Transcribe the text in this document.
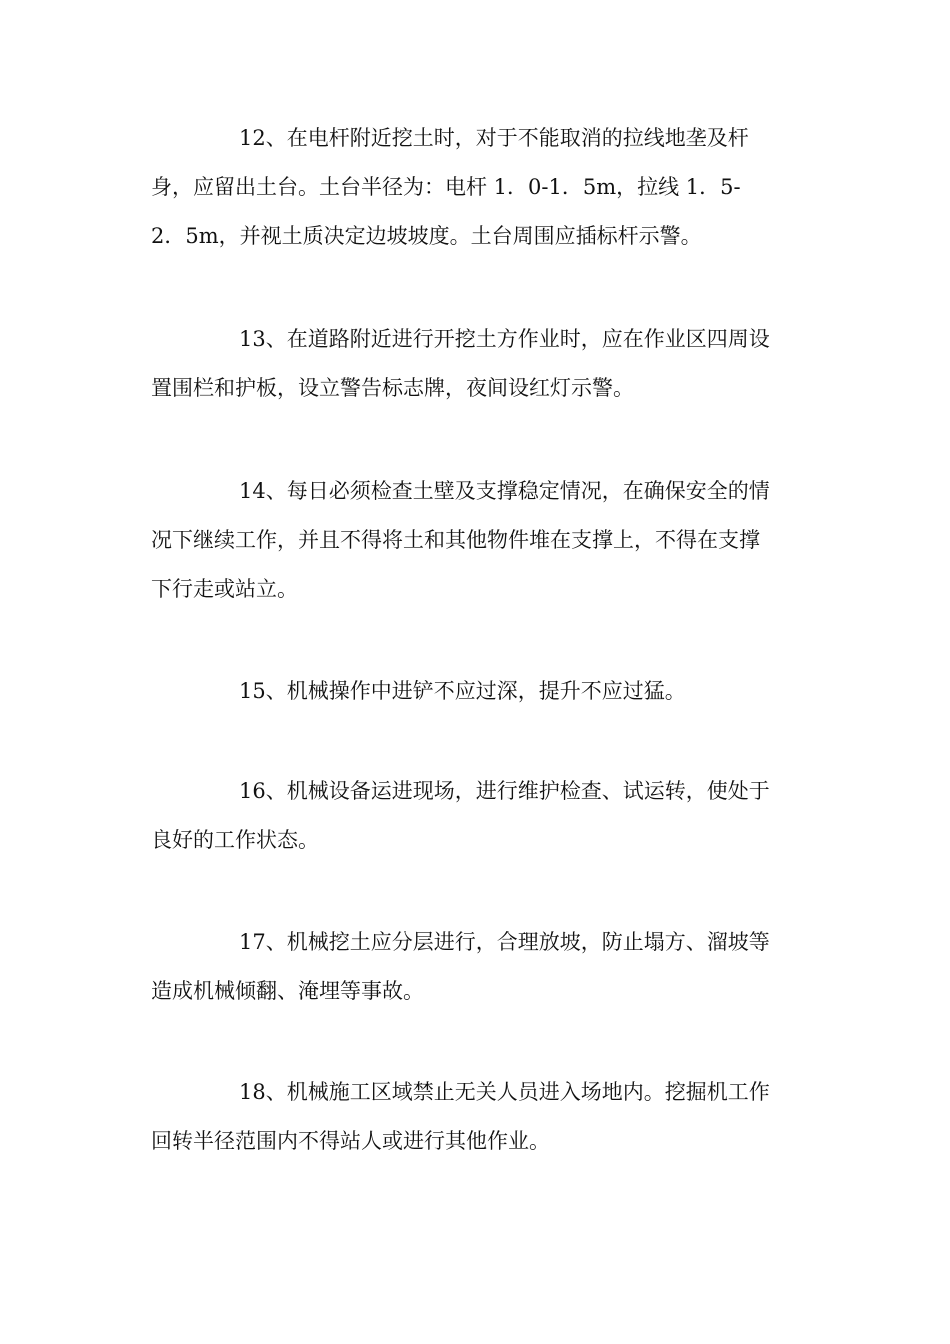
12、在电杆附近挖土时，对于不能取消的拉线地垄及杆
身，应留出土台。土台半径为：电杆 1．0-1．5m，拉线 1．5-
2．5m，并视土质决定边坡坡度。土台周围应插标杆示警。
13、在道路附近进行开挖土方作业时，应在作业区四周设
置围栏和护板，设立警告标志牌，夜间设红灯示警。
14、每日必须检查土壁及支撑稳定情况，在确保安全的情
况下继续工作，并且不得将土和其他物件堆在支撑上，不得在支撑
下行走或站立。
15、机械操作中进铲不应过深，提升不应过猛。
16、机械设备运进现场，进行维护检查、试运转，使处于
良好的工作状态。
17、机械挖土应分层进行，合理放坡，防止塌方、溜坡等
造成机械倾翻、淹埋等事故。
18、机械施工区域禁止无关人员进入场地内。挖掘机工作
回转半径范围内不得站人或进行其他作业。
